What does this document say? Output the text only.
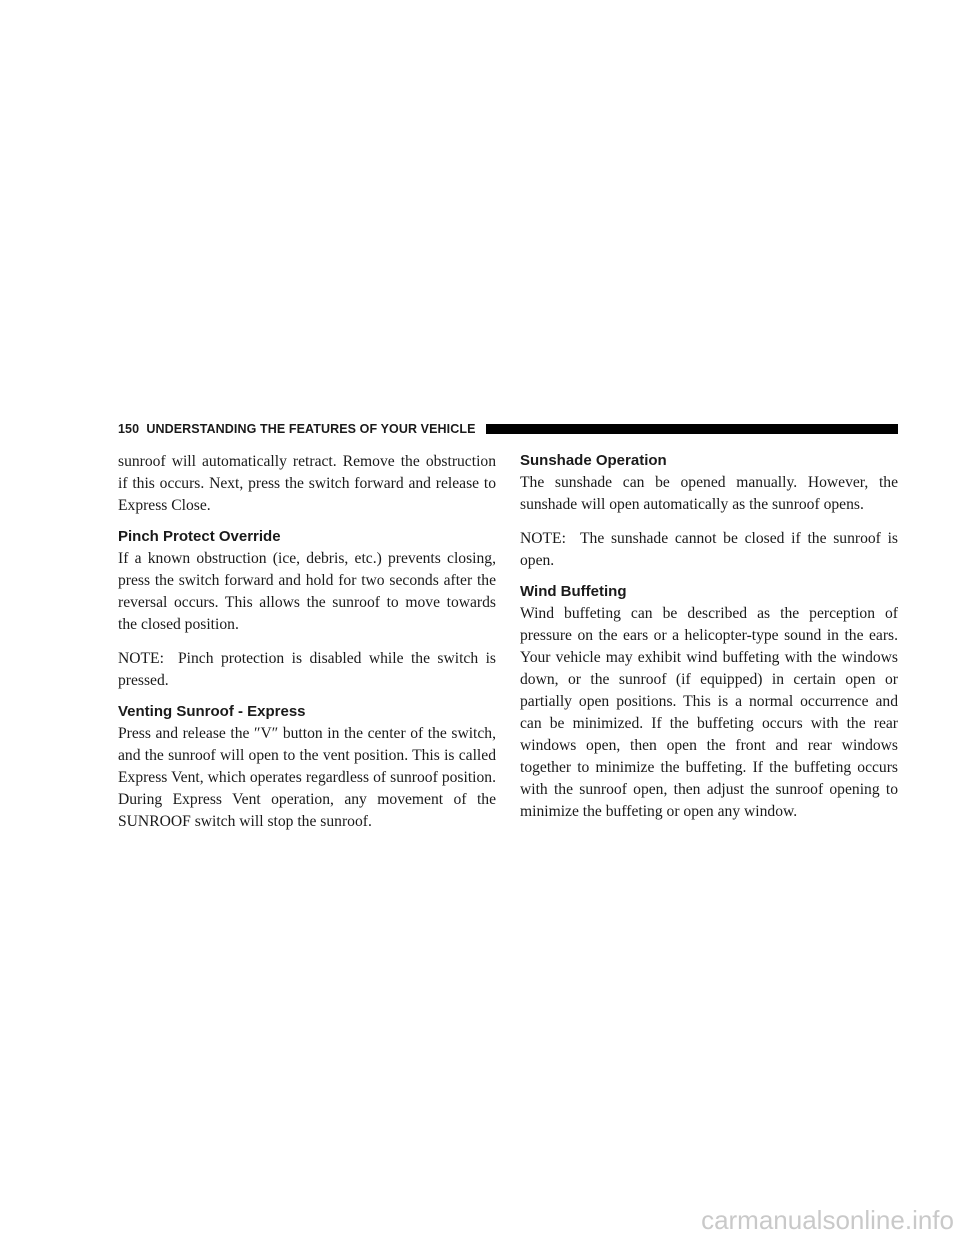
150 UNDERSTANDING THE FEATURES OF YOUR VEHICLE

sunroof will automatically retract. Remove the obstruction if this occurs. Next, press the switch forward and release to Express Close.

Pinch Protect Override

If a known obstruction (ice, debris, etc.) prevents closing, press the switch forward and hold for two seconds after the reversal occurs. This allows the sunroof to move towards the closed position.

NOTE: Pinch protection is disabled while the switch is pressed.

Venting Sunroof - Express

Press and release the ″V″ button in the center of the switch, and the sunroof will open to the vent position. This is called Express Vent, which operates regardless of sunroof position. During Express Vent operation, any movement of the SUNROOF switch will stop the sunroof.

Sunshade Operation

The sunshade can be opened manually. However, the sunshade will open automatically as the sunroof opens.

NOTE: The sunshade cannot be closed if the sunroof is open.

Wind Buffeting

Wind buffeting can be described as the perception of pressure on the ears or a helicopter-type sound in the ears. Your vehicle may exhibit wind buffeting with the windows down, or the sunroof (if equipped) in certain open or partially open positions. This is a normal occurrence and can be minimized. If the buffeting occurs with the rear windows open, then open the front and rear windows together to minimize the buffeting. If the buffeting occurs with the sunroof open, then adjust the sunroof opening to minimize the buffeting or open any window.

carmanualsonline.info
